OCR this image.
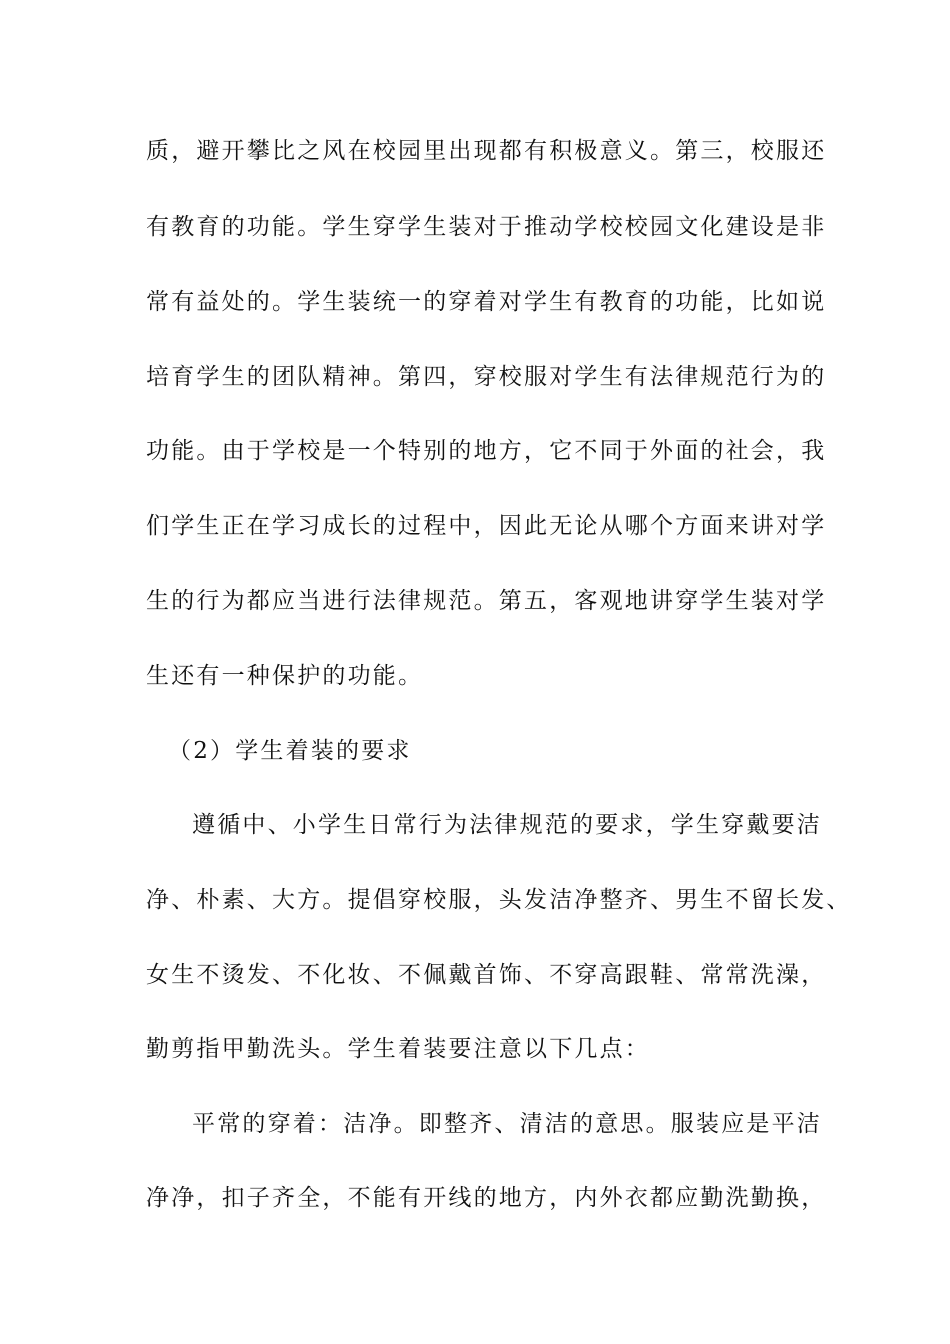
质，避开攀比之风在校园里出现都有积极意义。第三，校服还

有教育的功能。学生穿学生装对于推动学校校园文化建设是非

常有益处的。学生装统一的穿着对学生有教育的功能，比如说

培育学生的团队精神。第四，穿校服对学生有法律规范行为的

功能。由于学校是一个特别的地方，它不同于外面的社会，我

们学生正在学习成长的过程中，因此无论从哪个方面来讲对学

生的行为都应当进行法律规范。第五，客观地讲穿学生装对学

生还有一种保护的功能。

（2）学生着装的要求

遵循中、小学生日常行为法律规范的要求，学生穿戴要洁

净、朴素、大方。提倡穿校服，头发洁净整齐、男生不留长发、

女生不烫发、不化妆、不佩戴首饰、不穿高跟鞋、常常洗澡，

勤剪指甲勤洗头。学生着装要注意以下几点：

平常的穿着：洁净。即整齐、清洁的意思。服装应是平洁

净净，扣子齐全，不能有开线的地方，内外衣都应勤洗勤换，
